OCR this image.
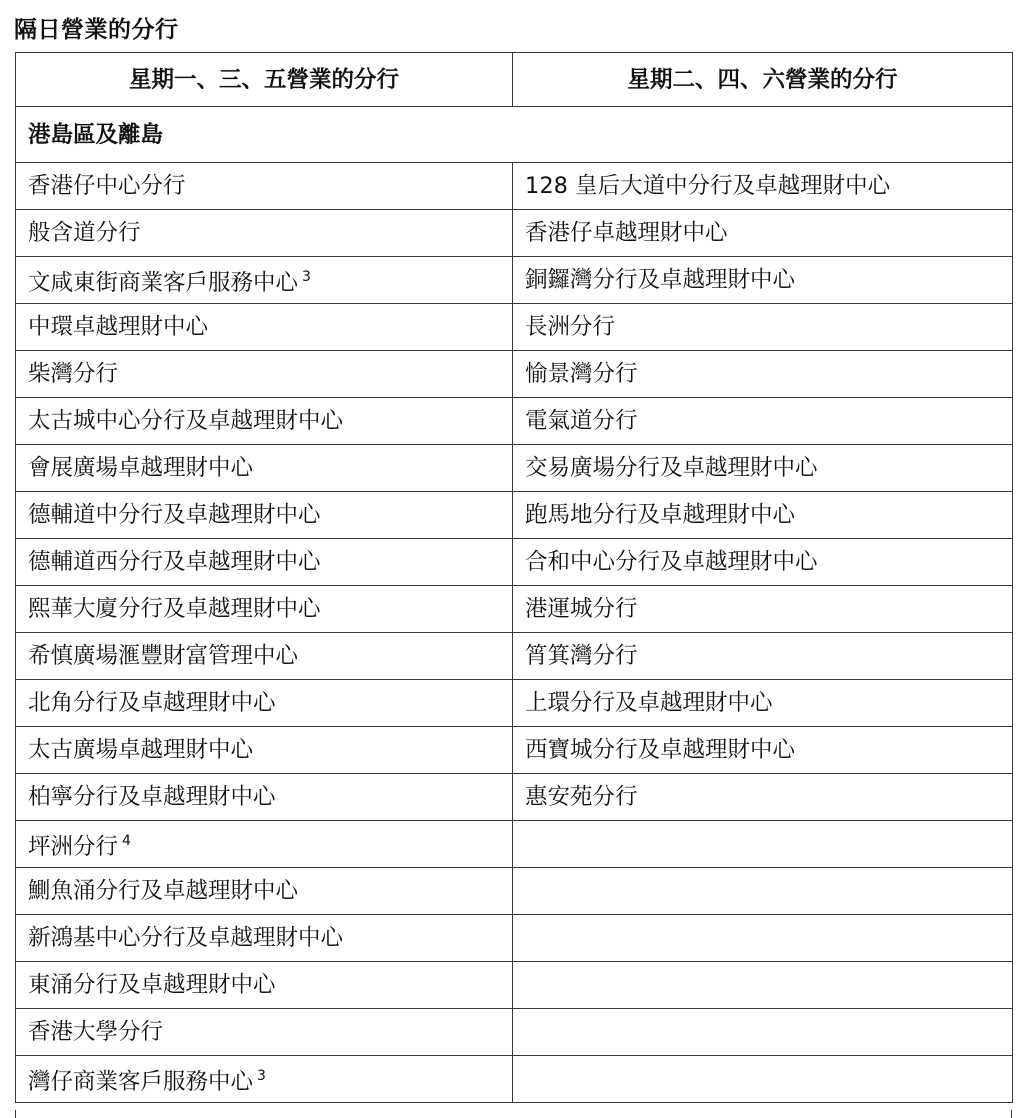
隔日營業的分行
星期一、三、五營業的分行	星期二、四、六營業的分行
港島區及離島	
香港仔中心分行	128 皇后大道中分行及卓越理財中心
般含道分行	香港仔卓越理財中心
文咸東街商業客戶服務中心 $^3$	銅鑼灣分行及卓越理財中心
中環卓越理財中心	長洲分行
柴灣分行	愉景灣分行
太古城中心分行及卓越理財中心	電氣道分行
會展廣場卓越理財中心	交易廣場分行及卓越理財中心
德輔道中分行及卓越理財中心	跑馬地分行及卓越理財中心
德輔道西分行及卓越理財中心	合和中心分行及卓越理財中心
熙華大廈分行及卓越理財中心	港運城分行
希慎廣場滙豐財富管理中心	筲箕灣分行
北角分行及卓越理財中心	上環分行及卓越理財中心
太古廣場卓越理財中心	西寶城分行及卓越理財中心
柏寧分行及卓越理財中心	惠安苑分行
坪洲分行 $^4$	
鰂魚涌分行及卓越理財中心	
新鴻基中心分行及卓越理財中心	
東涌分行及卓越理財中心	
香港大學分行	
灣仔商業客戶服務中心 $^3$	
